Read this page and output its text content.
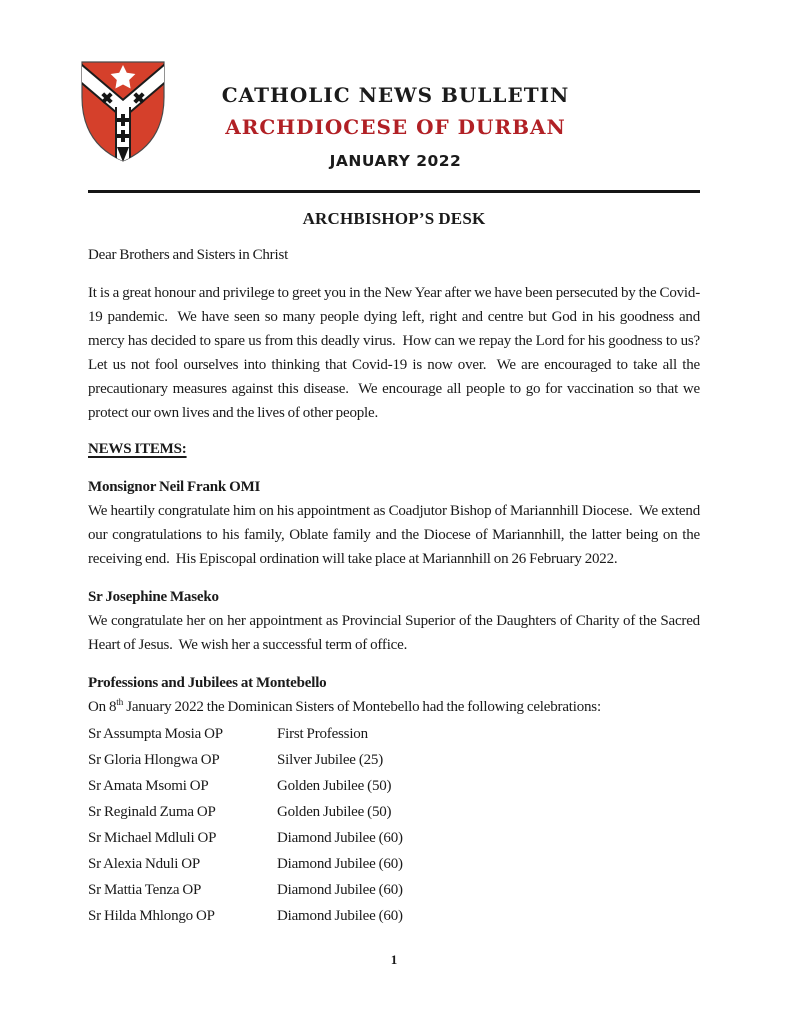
CATHOLIC NEWS BULLETIN
ARCHDIOCESE OF DURBAN
JANUARY 2022
ARCHBISHOP’S DESK

Dear Brothers and Sisters in Christ

It is a great honour and privilege to greet you in the New Year after we have been persecuted by the Covid-19 pandemic.  We have seen so many people dying left, right and centre but God in his goodness and mercy has decided to spare us from this deadly virus.  How can we repay the Lord for his goodness to us?  Let us not fool ourselves into thinking that Covid-19 is now over.  We are encouraged to take all the precautionary measures against this disease.  We encourage all people to go for vaccination so that we protect our own lives and the lives of other people.

NEWS ITEMS:
Monsignor Neil Frank OMI

We heartily congratulate him on his appointment as Coadjutor Bishop of Mariannhill Diocese.  We extend our congratulations to his family, Oblate family and the Diocese of Mariannhill, the latter being on the receiving end.  His Episcopal ordination will take place at Mariannhill on 26 February 2022.

Sr Josephine Maseko

We congratulate her on her appointment as Provincial Superior of the Daughters of Charity of the Sacred Heart of Jesus.  We wish her a successful term of office.

Professions and Jubilees at Montebello

On 8th January 2022 the Dominican Sisters of Montebello had the following celebrations:

Sr Assumpta Mosia OP	First Profession
Sr Gloria Hlongwa OP	Silver Jubilee (25)
Sr Amata Msomi OP	Golden Jubilee (50)
Sr Reginald Zuma OP	Golden Jubilee (50)
Sr Michael Mdluli OP	Diamond Jubilee (60)
Sr Alexia Nduli OP	Diamond Jubilee (60)
Sr Mattia Tenza OP	Diamond Jubilee (60)
Sr Hilda Mhlongo OP	Diamond Jubilee (60)
1
